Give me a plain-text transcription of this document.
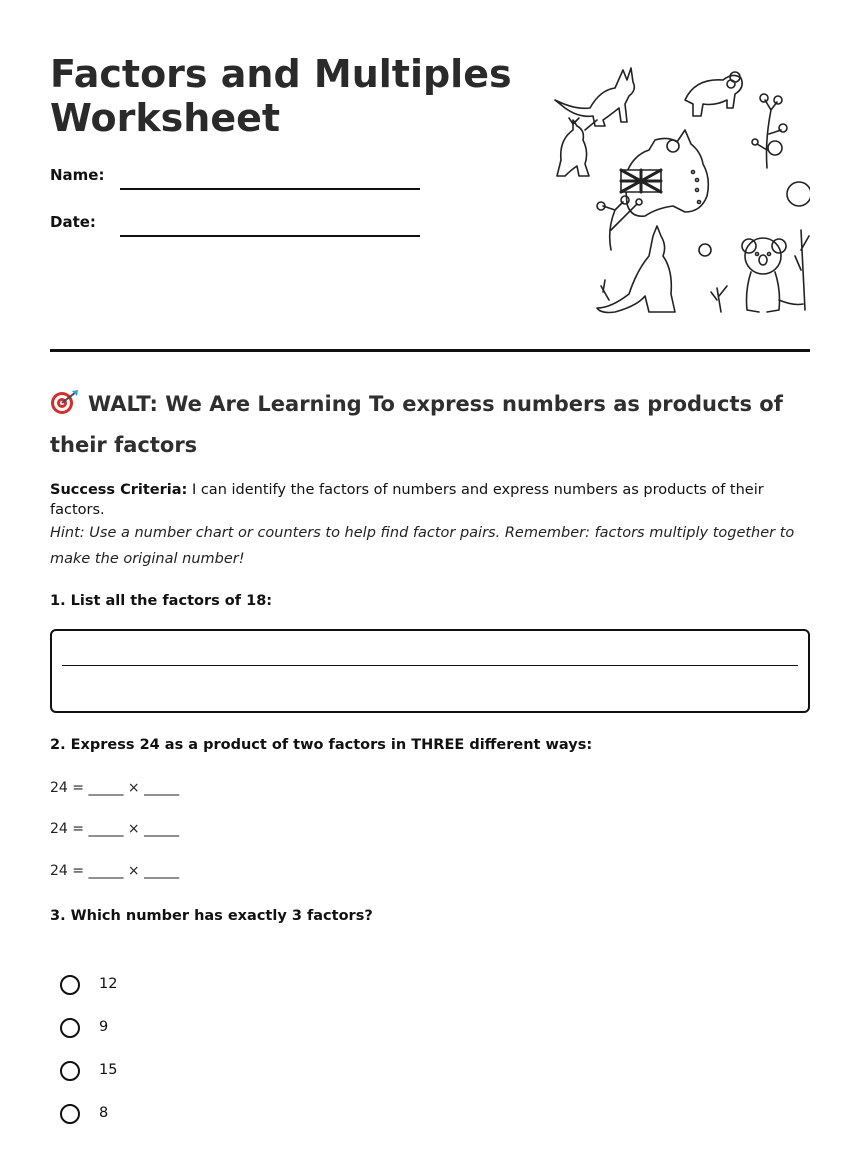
Factors and Multiples
Worksheet
Name:
Date:
WALT: We Are Learning To express numbers as products of their factors
Success Criteria: I can identify the factors of numbers and express numbers as products of their factors.
Hint: Use a number chart or counters to help find factor pairs. Remember: factors multiply together to make the original number!
1. List all the factors of 18:
2. Express 24 as a product of two factors in THREE different ways:
24 = _____ × _____
24 = _____ × _____
24 = _____ × _____
3. Which number has exactly 3 factors?
12
9
15
8
